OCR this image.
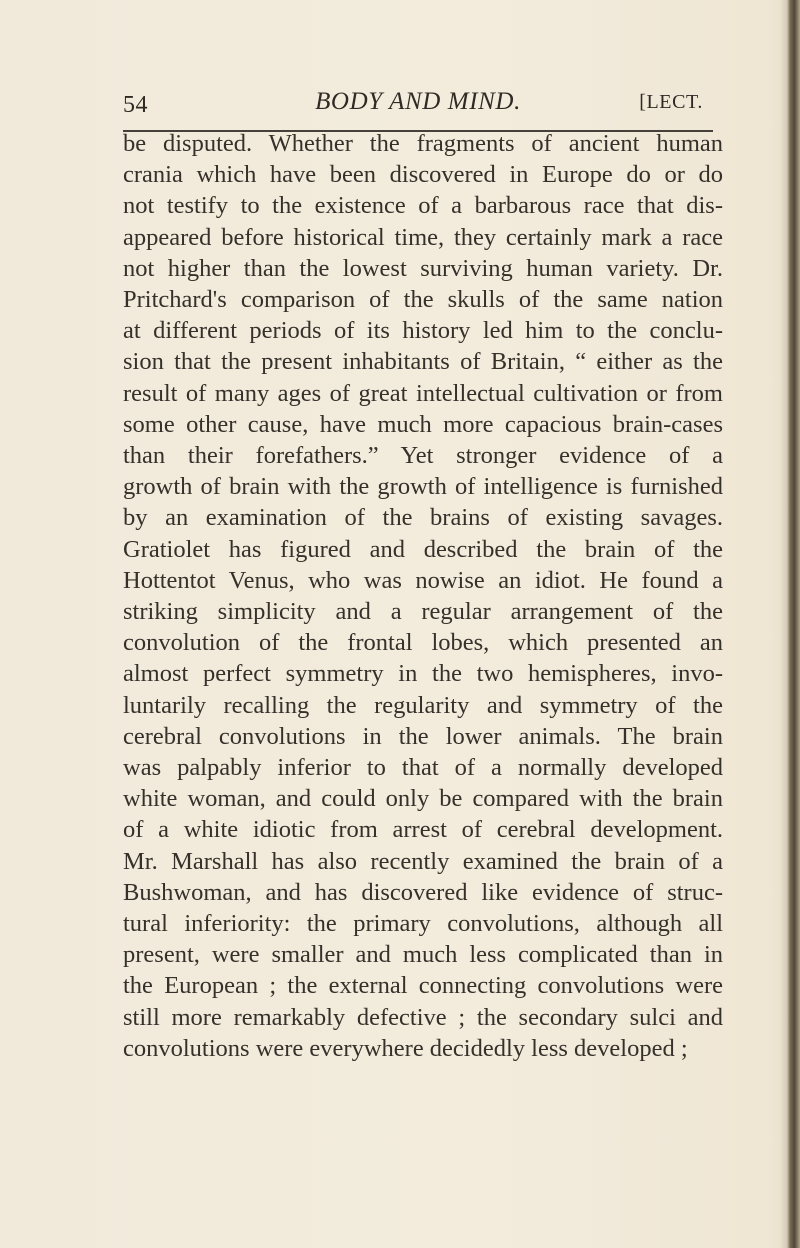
54	BODY AND MIND.	[LECT.
be disputed. Whether the fragments of ancient human
crania which have been discovered in Europe do or do
not testify to the existence of a barbarous race that dis-
appeared before historical time, they certainly mark a race
not higher than the lowest surviving human variety. Dr.
Pritchard's comparison of the skulls of the same nation
at different periods of its history led him to the conclu-
sion that the present inhabitants of Britain, “ either as the
result of many ages of great intellectual cultivation or from
some other cause, have much more capacious brain-cases
than their forefathers.” Yet stronger evidence of a
growth of brain with the growth of intelligence is furnished
by an examination of the brains of existing savages.
Gratiolet has figured and described the brain of the
Hottentot Venus, who was nowise an idiot. He found a
striking simplicity and a regular arrangement of the
convolution of the frontal lobes, which presented an
almost perfect symmetry in the two hemispheres, invo-
luntarily recalling the regularity and symmetry of the
cerebral convolutions in the lower animals. The brain
was palpably inferior to that of a normally developed
white woman, and could only be compared with the brain
of a white idiotic from arrest of cerebral development.
Mr. Marshall has also recently examined the brain of a
Bushwoman, and has discovered like evidence of struc-
tural inferiority: the primary convolutions, although all
present, were smaller and much less complicated than in
the European ; the external connecting convolutions were
still more remarkably defective ; the secondary sulci and
convolutions were everywhere decidedly less developed ;
